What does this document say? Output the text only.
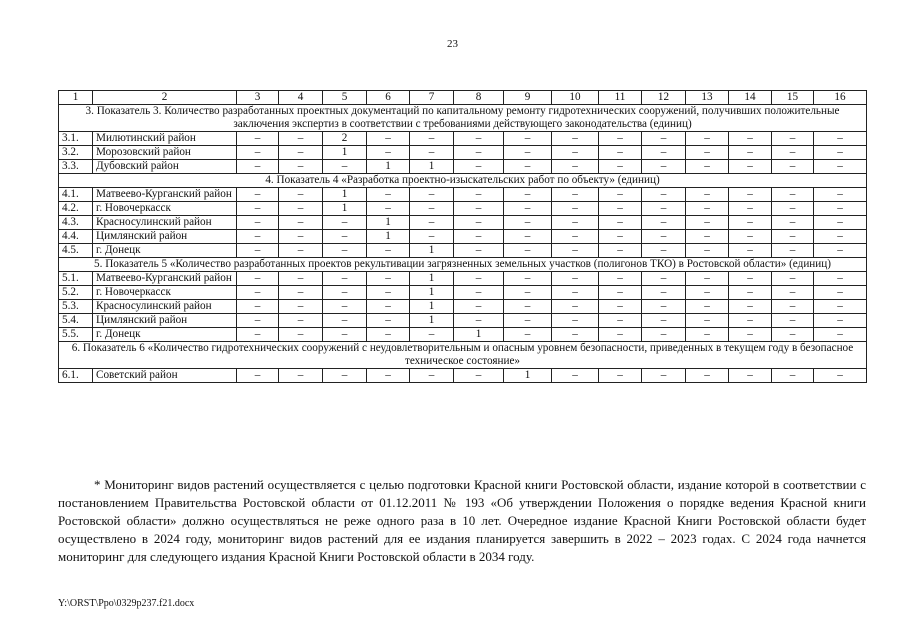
23
1	2	3	4	5	6	7	8	9	10	11	12	13	14	15	16
3. Показатель 3. Количество разработанных проектных документаций по капитальному ремонту гидротехнических сооружений, получивших положительные заключения экспертиз в соответствии с требованиями действующего законодательства (единиц)															
3.1.	Милютинский район	–	–	2	–	–	–	–	–	–	–	–	–	–	–
3.2.	Морозовский район	–	–	1	–	–	–	–	–	–	–	–	–	–	–
3.3.	Дубовский район	–	–	–	1	1	–	–	–	–	–	–	–	–	–
4. Показатель 4 «Разработка проектно-изыскательских работ по объекту» (единиц)															
4.1.	Матвеево-Курганский район	–	–	1	–	–	–	–	–	–	–	–	–	–	–
4.2.	г. Новочеркасск	–	–	1	–	–	–	–	–	–	–	–	–	–	–
4.3.	Красносулинский район	–	–	–	1	–	–	–	–	–	–	–	–	–	–
4.4.	Цимлянский район	–	–	–	1	–	–	–	–	–	–	–	–	–	–
4.5.	г. Донецк	–	–	–	–	1	–	–	–	–	–	–	–	–	–
5. Показатель 5 «Количество разработанных проектов рекультивации загрязненных земельных участков (полигонов ТКО) в Ростовской области» (единиц)															
5.1.	Матвеево-Курганский район	–	–	–	–	1	–	–	–	–	–	–	–	–	–
5.2.	г. Новочеркасск	–	–	–	–	1	–	–	–	–	–	–	–	–	–
5.3.	Красносулинский район	–	–	–	–	1	–	–	–	–	–	–	–	–	–
5.4.	Цимлянский район	–	–	–	–	1	–	–	–	–	–	–	–	–	–
5.5.	г. Донецк	–	–	–	–	–	1	–	–	–	–	–	–	–	–
6. Показатель 6 «Количество гидротехнических сооружений с неудовлетворительным и опасным уровнем безопасности, приведенных в текущем году в безопасное техническое состояние»															
6.1.	Советский район	–	–	–	–	–	–	1	–	–	–	–	–	–	–
* Мониторинг видов растений осуществляется с целью подготовки Красной книги Ростовской области, издание которой в соответствии с постановлением Правительства Ростовской области от 01.12.2011 № 193 «Об утверждении Положения о порядке ведения Красной книги Ростовской области» должно осуществляться не реже одного раза в 10 лет. Очередное издание Красной Книги Ростовской области будет осуществлено в 2024 году, мониторинг видов растений для ее издания планируется завершить в 2022 – 2023 годах. С 2024 года начнется мониторинг для следующего издания Красной Книги Ростовской области в 2034 году.
Y:\ORST\Ppo\0329p237.f21.docx
